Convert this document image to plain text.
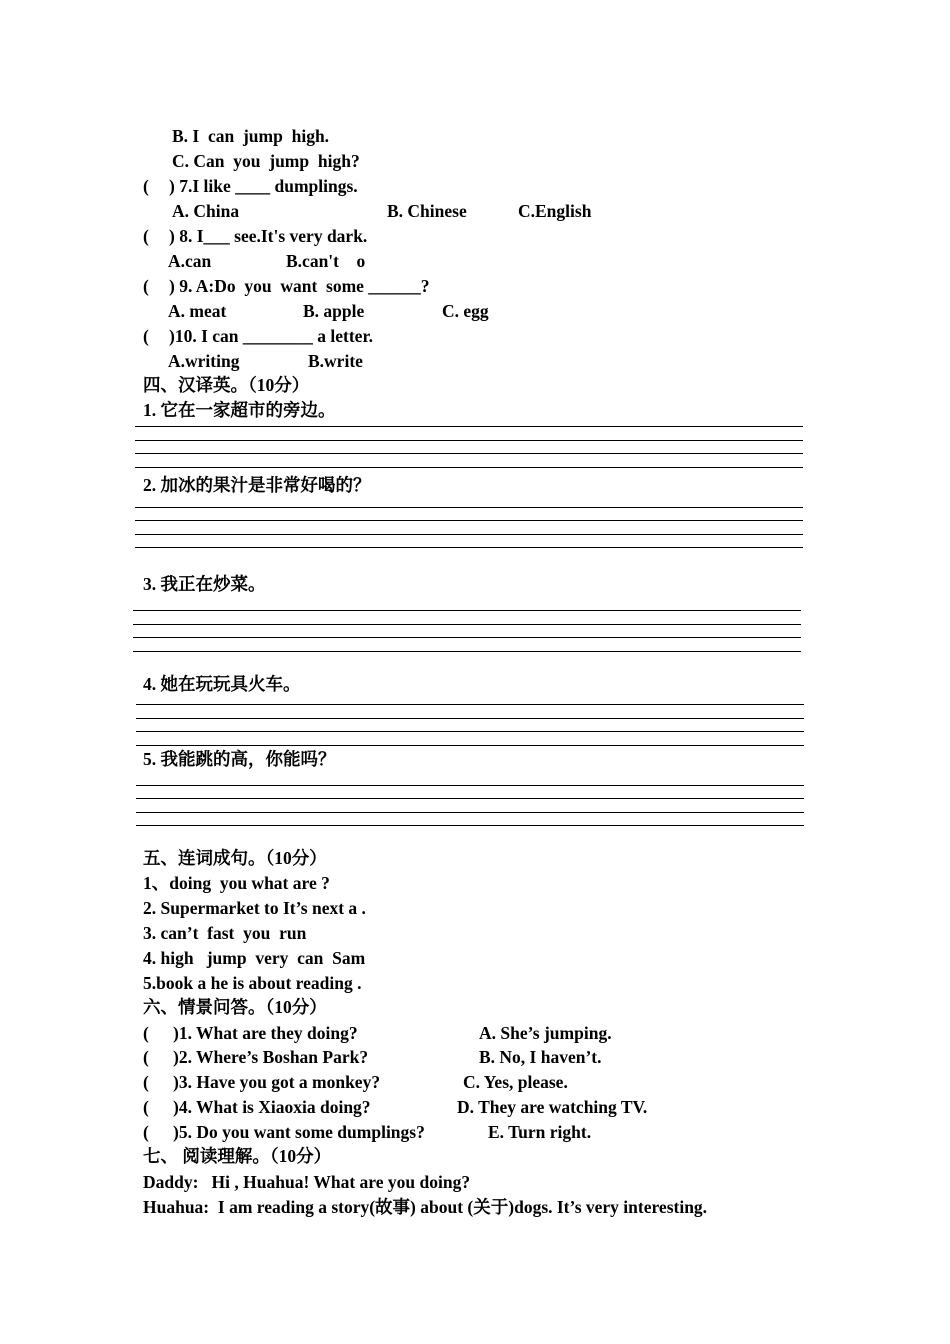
B. I  can  jump  high.
C. Can  you  jump  high?
( ) 7.I like ____ dumplings.
A. China	B. Chinese	C.English
( ) 8. I___ see.It's very dark.
A.can	B.can't    o
( ) 9. A:Do  you  want  some ______?
A. meat	B. apple	C. egg
( )10. I can ________ a letter.
A.writing	B.write
四、汉译英。（10分）
1. 它在一家超市的旁边。
2. 加冰的果汁是非常好喝的？
3. 我正在炒菜。
4. 她在玩玩具火车。
5. 我能跳的高，你能吗？
五、连词成句。（10分）
1、doing  you what are ?
2. Supermarket to It’s next a .
3. can’t  fast  you  run
4. high   jump  very  can  Sam
5.book a he is about reading .
六、情景问答。（10分）
( )1. What are they doing?	A. She’s jumping.
( )2. Where’s Boshan Park?	B. No, I haven’t.
( )3. Have you got a monkey?	C. Yes, please.
( )4. What is Xiaoxia doing?	D. They are watching TV.
( )5. Do you want some dumplings?	E. Turn right.
七、 阅读理解。（10分）
Daddy:   Hi , Huahua! What are you doing?
Huahua:  I am reading a story(故事) about (关于)dogs. It’s very interesting.
